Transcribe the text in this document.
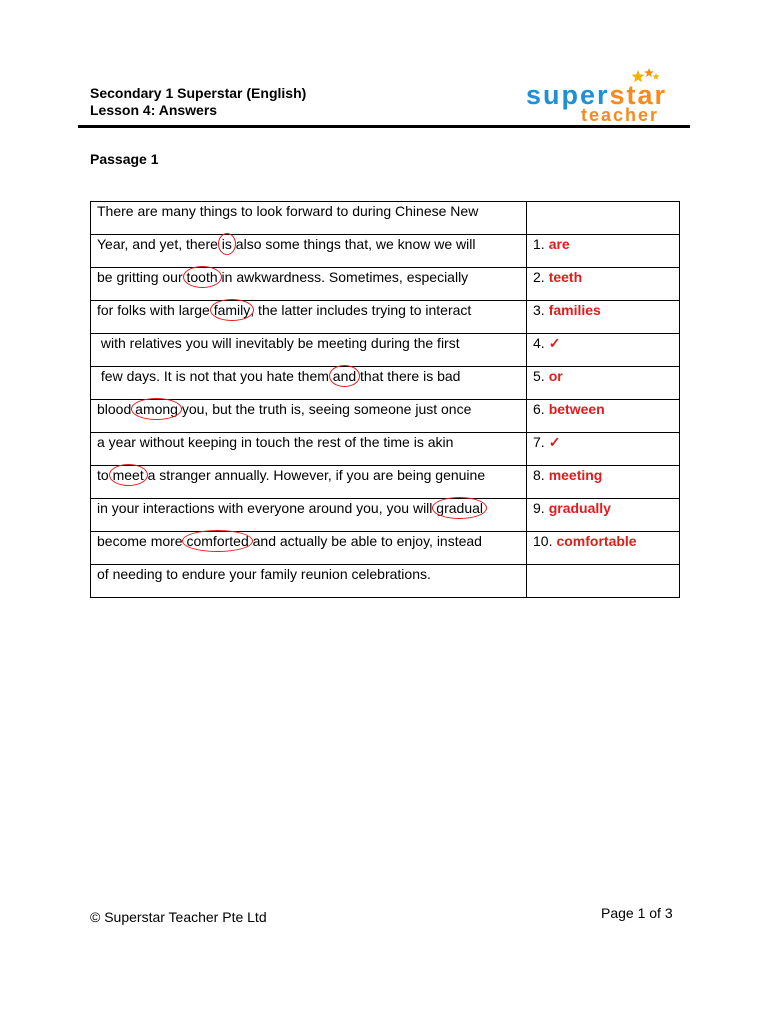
Secondary 1 Superstar (English)
Lesson 4: Answers	superstar
teacher
Passage 1
There are many things to look forward to during Chinese New	

Year, and yet, there is also some things that, we know we will	1. are

be gritting our tooth in awkwardness. Sometimes, especially	2. teeth

for folks with large family, the latter includes trying to interact	3. families

with relatives you will inevitably be meeting during the first	4. ✓

few days. It is not that you hate them and that there is bad	5. or

blood among you, but the truth is, seeing someone just once	6. between

a year without keeping in touch the rest of the time is akin	7. ✓

to meet a stranger annually. However, if you are being genuine	8. meeting

in your interactions with everyone around you, you will gradual	9. gradually

become more comforted and actually be able to enjoy, instead	10. comfortable

of needing to endure your family reunion celebrations.	

© Superstar Teacher Pte Ltd	Page 1 of 3
